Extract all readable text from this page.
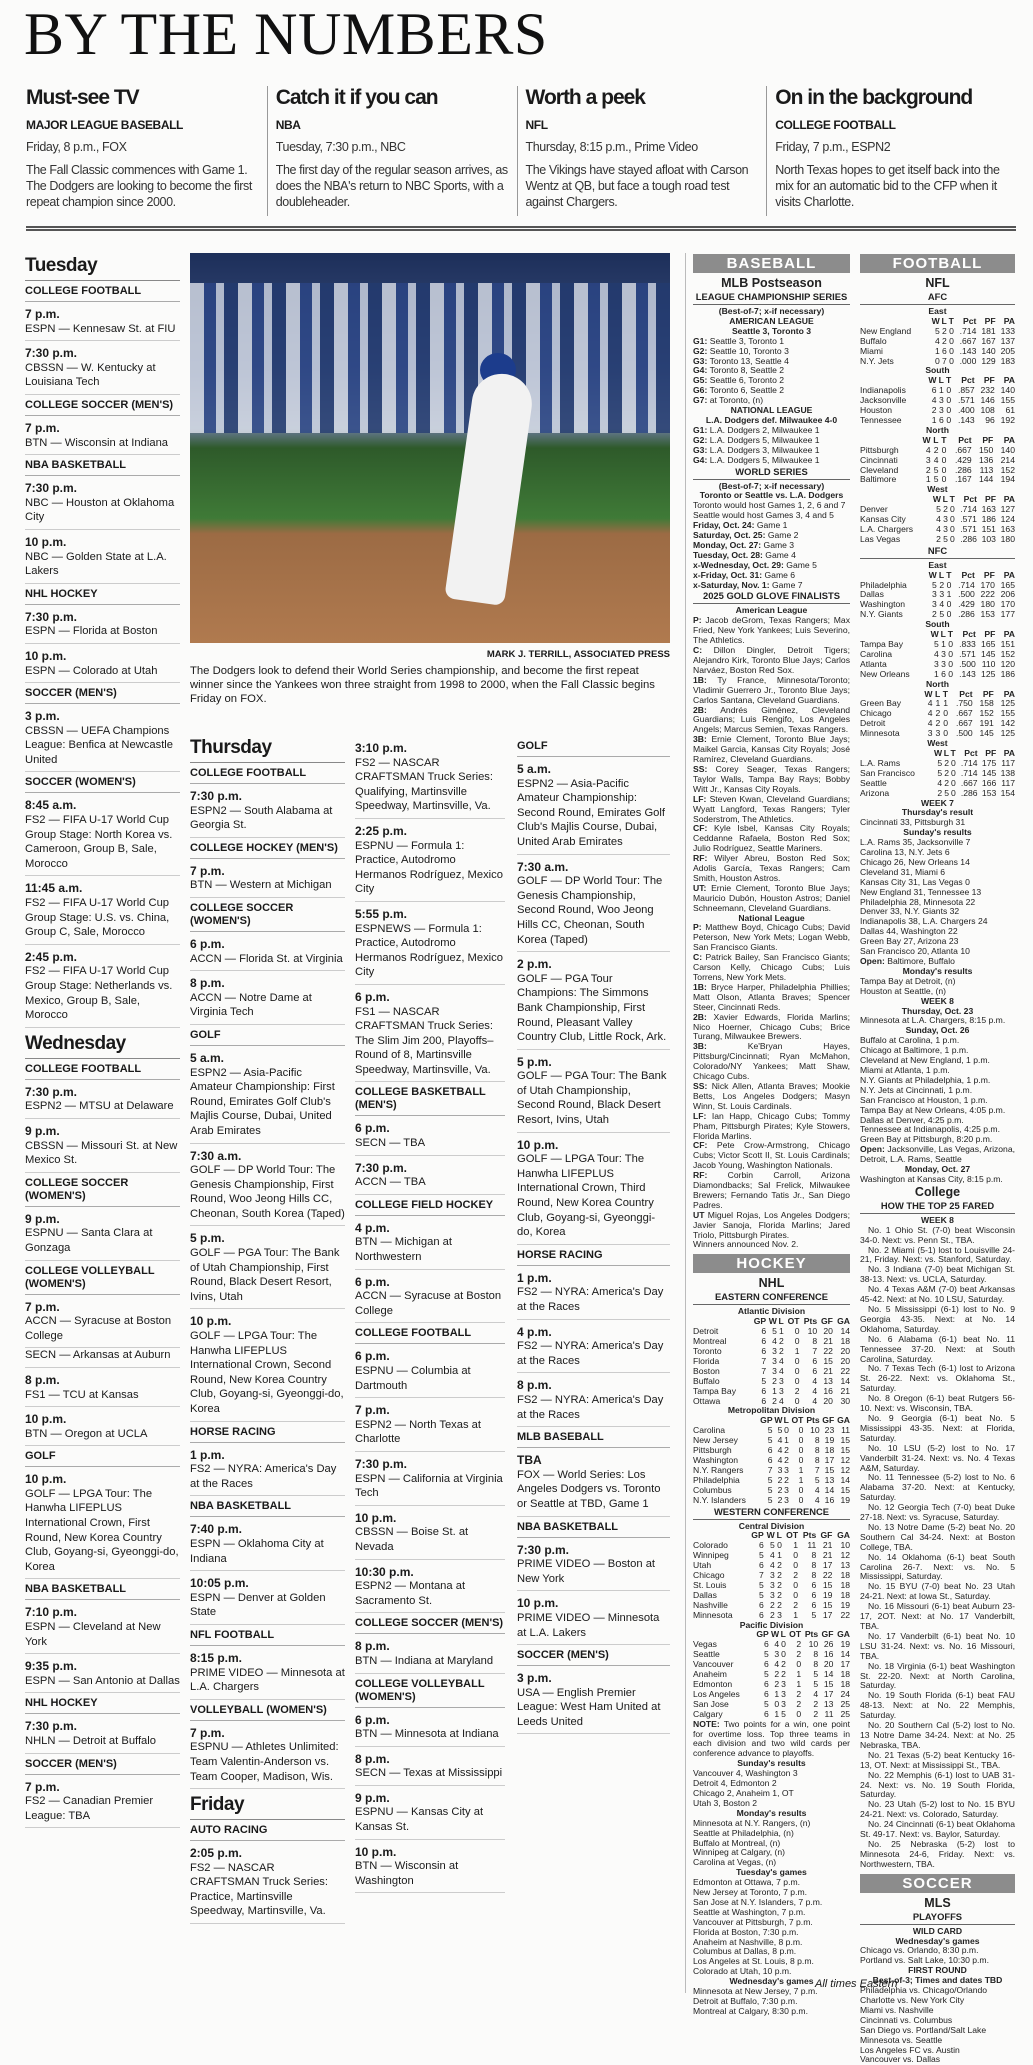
BY THE NUMBERS
Must-see TV
MAJOR LEAGUE BASEBALL
Friday, 8 p.m., FOX
The Fall Classic commences with Game 1. The Dodgers are looking to become the first repeat champion since 2000.
Catch it if you can
NBA
Tuesday, 7:30 p.m., NBC
The first day of the regular season arrives, as does the NBA's return to NBC Sports, with a doubleheader.
Worth a peek
NFL
Thursday, 8:15 p.m., Prime Video
The Vikings have stayed afloat with Carson Wentz at QB, but face a tough road test against Chargers.
On in the background
COLLEGE FOOTBALL
Friday, 7 p.m., ESPN2
North Texas hopes to get itself back into the mix for an automatic bid to the CFP when it visits Charlotte.
Tuesday
COLLEGE FOOTBALL
7 p.m.
ESPN — Kennesaw St. at FIU
7:30 p.m.
CBSSN — W. Kentucky at Louisiana Tech
COLLEGE SOCCER (MEN'S)
7 p.m.
BTN — Wisconsin at Indiana
NBA BASKETBALL
7:30 p.m.
NBC — Houston at Oklahoma City
10 p.m.
NBC — Golden State at L.A. Lakers
NHL HOCKEY
7:30 p.m.
ESPN — Florida at Boston
10 p.m.
ESPN — Colorado at Utah
SOCCER (MEN'S)
3 p.m.
CBSSN — UEFA Champions League: Benfica at Newcastle United
SOCCER (WOMEN'S)
8:45 a.m.
FS2 — FIFA U-17 World Cup Group Stage: North Korea vs. Cameroon, Group B, Sale, Morocco
11:45 a.m.
FS2 — FIFA U-17 World Cup Group Stage: U.S. vs. China, Group C, Sale, Morocco
2:45 p.m.
FS2 — FIFA U-17 World Cup Group Stage: Netherlands vs. Mexico, Group B, Sale, Morocco
Wednesday
COLLEGE FOOTBALL
7:30 p.m.
ESPN2 — MTSU at Delaware
9 p.m.
CBSSN — Missouri St. at New Mexico St.
COLLEGE SOCCER (WOMEN'S)
9 p.m.
ESPNU — Santa Clara at Gonzaga
COLLEGE VOLLEYBALL (WOMEN'S)
7 p.m.
ACCN — Syracuse at Boston College
SECN — Arkansas at Auburn
8 p.m.
FS1 — TCU at Kansas
10 p.m.
BTN — Oregon at UCLA
GOLF
10 p.m.
GOLF — LPGA Tour: The Hanwha LIFEPLUS International Crown, First Round, New Korea Country Club, Goyang-si, Gyeonggi-do, Korea
NBA BASKETBALL
7:10 p.m.
ESPN — Cleveland at New York
9:35 p.m.
ESPN — San Antonio at Dallas
NHL HOCKEY
7:30 p.m.
NHLN — Detroit at Buffalo
SOCCER (MEN'S)
7 p.m.
FS2 — Canadian Premier League: TBA
MARK J. TERRILL, ASSOCIATED PRESS
The Dodgers look to defend their World Series championship, and become the first repeat winner since the Yankees won three straight from 1998 to 2000, when the Fall Classic begins Friday on FOX.
Thursday
COLLEGE FOOTBALL
7:30 p.m.
ESPN2 — South Alabama at Georgia St.
COLLEGE HOCKEY (MEN'S)
7 p.m.
BTN — Western at Michigan
COLLEGE SOCCER (WOMEN'S)
6 p.m.
ACCN — Florida St. at Virginia
8 p.m.
ACCN — Notre Dame at Virginia Tech
GOLF
5 a.m.
ESPN2 — Asia-Pacific Amateur Championship: First Round, Emirates Golf Club's Majlis Course, Dubai, United Arab Emirates
7:30 a.m.
GOLF — DP World Tour: The Genesis Championship, First Round, Woo Jeong Hills CC, Cheonan, South Korea (Taped)
5 p.m.
GOLF — PGA Tour: The Bank of Utah Championship, First Round, Black Desert Resort, Ivins, Utah
10 p.m.
GOLF — LPGA Tour: The Hanwha LIFEPLUS International Crown, Second Round, New Korea Country Club, Goyang-si, Gyeonggi-do, Korea
HORSE RACING
1 p.m.
FS2 — NYRA: America's Day at the Races
NBA BASKETBALL
7:40 p.m.
ESPN — Oklahoma City at Indiana
10:05 p.m.
ESPN — Denver at Golden State
NFL FOOTBALL
8:15 p.m.
PRIME VIDEO — Minnesota at L.A. Chargers
VOLLEYBALL (WOMEN'S)
7 p.m.
ESPNU — Athletes Unlimited: Team Valentin-Anderson vs. Team Cooper, Madison, Wis.
Friday
AUTO RACING
2:05 p.m.
FS2 — NASCAR CRAFTSMAN Truck Series: Practice, Martinsville Speedway, Martinsville, Va.
3:10 p.m.
FS2 — NASCAR CRAFTSMAN Truck Series: Qualifying, Martinsville Speedway, Martinsville, Va.
2:25 p.m.
ESPNU — Formula 1: Practice, Autodromo Hermanos Rodríguez, Mexico City
5:55 p.m.
ESPNEWS — Formula 1: Practice, Autodromo Hermanos Rodríguez, Mexico City
6 p.m.
FS1 — NASCAR CRAFTSMAN Truck Series: The Slim Jim 200, Playoffs–Round of 8, Martinsville Speedway, Martinsville, Va.
COLLEGE BASKETBALL (MEN'S)
6 p.m.
SECN — TBA
7:30 p.m.
ACCN — TBA
COLLEGE FIELD HOCKEY
4 p.m.
BTN — Michigan at Northwestern
6 p.m.
ACCN — Syracuse at Boston College
COLLEGE FOOTBALL
6 p.m.
ESPNU — Columbia at Dartmouth
7 p.m.
ESPN2 — North Texas at Charlotte
7:30 p.m.
ESPN — California at Virginia Tech
10 p.m.
CBSSN — Boise St. at Nevada
10:30 p.m.
ESPN2 — Montana at Sacramento St.
COLLEGE SOCCER (MEN'S)
8 p.m.
BTN — Indiana at Maryland
COLLEGE VOLLEYBALL (WOMEN'S)
6 p.m.
BTN — Minnesota at Indiana
8 p.m.
SECN — Texas at Mississippi
9 p.m.
ESPNU — Kansas City at Kansas St.
10 p.m.
BTN — Wisconsin at Washington
GOLF
5 a.m.
ESPN2 — Asia-Pacific Amateur Championship: Second Round, Emirates Golf Club's Majlis Course, Dubai, United Arab Emirates
7:30 a.m.
GOLF — DP World Tour: The Genesis Championship, Second Round, Woo Jeong Hills CC, Cheonan, South Korea (Taped)
2 p.m.
GOLF — PGA Tour Champions: The Simmons Bank Championship, First Round, Pleasant Valley Country Club, Little Rock, Ark.
5 p.m.
GOLF — PGA Tour: The Bank of Utah Championship, Second Round, Black Desert Resort, Ivins, Utah
10 p.m.
GOLF — LPGA Tour: The Hanwha LIFEPLUS International Crown, Third Round, New Korea Country Club, Goyang-si, Gyeonggi-do, Korea
HORSE RACING
1 p.m.
FS2 — NYRA: America's Day at the Races
4 p.m.
FS2 — NYRA: America's Day at the Races
8 p.m.
FS2 — NYRA: America's Day at the Races
MLB BASEBALL
TBA
FOX — World Series: Los Angeles Dodgers vs. Toronto or Seattle at TBD, Game 1
NBA BASKETBALL
7:30 p.m.
PRIME VIDEO — Boston at New York
10 p.m.
PRIME VIDEO — Minnesota at L.A. Lakers
SOCCER (MEN'S)
3 p.m.
USA — English Premier League: West Ham United at Leeds United
BASEBALL
MLB Postseason
LEAGUE CHAMPIONSHIP SERIES
(Best-of-7; x-if necessary)
AMERICAN LEAGUE
Seattle 3, Toronto 3
G1: Seattle 3, Toronto 1
G2: Seattle 10, Toronto 3
G3: Toronto 13, Seattle 4
G4: Toronto 8, Seattle 2
G5: Seattle 6, Toronto 2
G6: Toronto 6, Seattle 2
G7: at Toronto, (n)
NATIONAL LEAGUE
L.A. Dodgers def. Milwaukee 4-0
G1: L.A. Dodgers 2, Milwaukee 1
G2: L.A. Dodgers 5, Milwaukee 1
G3: L.A. Dodgers 3, Milwaukee 1
G4: L.A. Dodgers 5, Milwaukee 1
WORLD SERIES
(Best-of-7; x-if necessary)
Toronto or Seattle vs. L.A. Dodgers
Toronto would host Games 1, 2, 6 and 7
Seattle would host Games 3, 4 and 5
Friday, Oct. 24: Game 1
Saturday, Oct. 25: Game 2
Monday, Oct. 27: Game 3
Tuesday, Oct. 28: Game 4
x-Wednesday, Oct. 29: Game 5
x-Friday, Oct. 31: Game 6
x-Saturday, Nov. 1: Game 7
2025 GOLD GLOVE FINALISTS
American League
P: Jacob deGrom, Texas Rangers; Max Fried, New York Yankees; Luis Severino, The Athletics.
C: Dillon Dingler, Detroit Tigers; Alejandro Kirk, Toronto Blue Jays; Carlos Narváez, Boston Red Sox.
1B: Ty France, Minnesota/Toronto; Vladimir Guerrero Jr., Toronto Blue Jays; Carlos Santana, Cleveland Guardians.
2B: Andrés Giménez, Cleveland Guardians; Luis Rengifo, Los Angeles Angels; Marcus Semien, Texas Rangers.
3B: Ernie Clement, Toronto Blue Jays; Maikel Garcia, Kansas City Royals; José Ramírez, Cleveland Guardians.
SS: Corey Seager, Texas Rangers; Taylor Walls, Tampa Bay Rays; Bobby Witt Jr., Kansas City Royals.
LF: Steven Kwan, Cleveland Guardians; Wyatt Langford, Texas Rangers; Tyler Soderstrom, The Athletics.
CF: Kyle Isbel, Kansas City Royals; Ceddanne Rafaela, Boston Red Sox; Julio Rodríguez, Seattle Mariners.
RF: Wilyer Abreu, Boston Red Sox; Adolis García, Texas Rangers; Cam Smith, Houston Astros.
UT: Ernie Clement, Toronto Blue Jays; Mauricio Dubón, Houston Astros; Daniel Schneemann, Cleveland Guardians.
National League
P: Matthew Boyd, Chicago Cubs; David Peterson, New York Mets; Logan Webb, San Francisco Giants.
C: Patrick Bailey, San Francisco Giants; Carson Kelly, Chicago Cubs; Luis Torrens, New York Mets.
1B: Bryce Harper, Philadelphia Phillies; Matt Olson, Atlanta Braves; Spencer Steer, Cincinnati Reds.
2B: Xavier Edwards, Florida Marlins; Nico Hoerner, Chicago Cubs; Brice Turang, Milwaukee Brewers.
3B:	Ke'Bryan Hayes, Pittsburg/Cincinnati; Ryan McMahon, Colorado/NY Yankees; Matt Shaw, Chicago Cubs.
SS: Nick Allen, Atlanta Braves; Mookie Betts, Los Angeles Dodgers; Masyn Winn, St. Louis Cardinals.
LF: Ian Happ, Chicago Cubs; Tommy Pham, Pittsburgh Pirates; Kyle Stowers, Florida Marlins.
CF: Pete Crow-Armstrong, Chicago Cubs; Victor Scott II, St. Louis Cardinals; Jacob Young, Washington Nationals.
RF: Corbin Carroll, Arizona Diamondbacks; Sal Frelick, Milwaukee Brewers; Fernando Tatis Jr., San Diego Padres.
UT Miguel Rojas, Los Angeles Dodgers; Javier Sanoja, Florida Marlins; Jared Triolo, Pittsburgh Pirates.
Winners announced Nov. 2.
HOCKEY
NHL
EASTERN CONFERENCE
Atlantic Division
	GP	W	L	OT	Pts	GF	GA
Detroit	6	5	1	0	10	20	14
Montreal	6	4	2	0	8	21	18
Toronto	6	3	2	1	7	22	20
Florida	7	3	4	0	6	15	20
Boston	7	3	4	0	6	21	22
Buffalo	5	2	3	0	4	13	14
Tampa Bay	6	1	3	2	4	16	21
Ottawa	6	2	4	0	4	20	30
Metropolitan Division
	GP	W	L	OT	Pts	GF	GA
Carolina	5	5	0	0	10	23	11
New Jersey	5	4	1	0	8	19	15
Pittsburgh	6	4	2	0	8	18	15
Washington	6	4	2	0	8	17	12
N.Y. Rangers	7	3	3	1	7	15	12
Philadelphia	5	2	2	1	5	13	14
Columbus	5	2	3	0	4	14	15
N.Y. Islanders	5	2	3	0	4	16	19
WESTERN CONFERENCE
Central Division
	GP	W	L	OT	Pts	GF	GA
Colorado	6	5	0	1	11	21	10
Winnipeg	5	4	1	0	8	21	12
Utah	6	4	2	0	8	17	13
Chicago	7	3	2	2	8	22	18
St. Louis	5	3	2	0	6	15	18
Dallas	5	3	2	0	6	19	18
Nashville	6	2	2	2	6	15	19
Minnesota	6	2	3	1	5	17	22
Pacific Division
	GP	W	L	OT	Pts	GF	GA
Vegas	6	4	0	2	10	26	19
Seattle	5	3	0	2	8	16	14
Vancouver	6	4	2	0	8	20	17
Anaheim	5	2	2	1	5	14	18
Edmonton	6	2	3	1	5	15	18
Los Angeles	6	1	3	2	4	17	24
San Jose	5	0	3	2	2	13	25
Calgary	6	1	5	0	2	11	25
NOTE: Two points for a win, one point for overtime loss. Top three teams in each division and two wild cards per conference advance to playoffs.
Sunday's results
Vancouver 4, Washington 3
Detroit 4, Edmonton 2
Chicago 2, Anaheim 1, OT
Utah 3, Boston 2
Monday's results
Minnesota at N.Y. Rangers, (n)
Seattle at Philadelphia, (n)
Buffalo at Montreal, (n)
Winnipeg at Calgary, (n)
Carolina at Vegas, (n)
Tuesday's games
Edmonton at Ottawa, 7 p.m.
New Jersey at Toronto, 7 p.m.
San Jose at N.Y. Islanders, 7 p.m.
Seattle at Washington, 7 p.m.
Vancouver at Pittsburgh, 7 p.m.
Florida at Boston, 7:30 p.m.
Anaheim at Nashville, 8 p.m.
Columbus at Dallas, 8 p.m.
Los Angeles at St. Louis, 8 p.m.
Colorado at Utah, 10 p.m.
Wednesday's games
Minnesota at New Jersey, 7 p.m.
Detroit at Buffalo, 7:30 p.m.
Montreal at Calgary, 8:30 p.m.
FOOTBALL
NFL
AFC
East
	W	L	T	Pct	PF	PA
New England	5	2	0	.714	181	133
Buffalo	4	2	0	.667	167	137
Miami	1	6	0	.143	140	205
N.Y. Jets	0	7	0	.000	129	183
South
	W	L	T	Pct	PF	PA
Indianapolis	6	1	0	.857	232	140
Jacksonville	4	3	0	.571	146	155
Houston	2	3	0	.400	108	61
Tennessee	1	6	0	.143	96	192
North
	W	L	T	Pct	PF	PA
Pittsburgh	4	2	0	.667	150	140
Cincinnati	3	4	0	.429	136	214
Cleveland	2	5	0	.286	113	152
Baltimore	1	5	0	.167	144	194
West
	W	L	T	Pct	PF	PA
Denver	5	2	0	.714	163	127
Kansas City	4	3	0	.571	186	124
L.A. Chargers	4	3	0	.571	151	163
Las Vegas	2	5	0	.286	103	180
NFC
East
	W	L	T	Pct	PF	PA
Philadelphia	5	2	0	.714	170	165
Dallas	3	3	1	.500	222	206
Washington	3	4	0	.429	180	170
N.Y. Giants	2	5	0	.286	153	177
South
	W	L	T	Pct	PF	PA
Tampa Bay	5	1	0	.833	165	151
Carolina	4	3	0	.571	145	152
Atlanta	3	3	0	.500	110	120
New Orleans	1	6	0	.143	125	186
North
	W	L	T	Pct	PF	PA
Green Bay	4	1	1	.750	158	125
Chicago	4	2	0	.667	152	155
Detroit	4	2	0	.667	191	142
Minnesota	3	3	0	.500	145	125
West
	W	L	T	Pct	PF	PA
L.A. Rams	5	2	0	.714	175	117
San Francisco	5	2	0	.714	145	138
Seattle	4	2	0	.667	166	117
Arizona	2	5	0	.286	153	154
WEEK 7
Thursday's result
Cincinnati 33, Pittsburgh 31
Sunday's results
L.A. Rams 35, Jacksonville 7
Carolina 13, N.Y. Jets 6
Chicago 26, New Orleans 14
Cleveland 31, Miami 6
Kansas City 31, Las Vegas 0
New England 31, Tennessee 13
Philadelphia 28, Minnesota 22
Denver 33, N.Y. Giants 32
Indianapolis 38, L.A. Chargers 24
Dallas 44, Washington 22
Green Bay 27, Arizona 23
San Francisco 20, Atlanta 10
Open: Baltimore, Buffalo
Monday's results
Tampa Bay at Detroit, (n)
Houston at Seattle, (n)
WEEK 8
Thursday, Oct. 23
Minnesota at L.A. Chargers, 8:15 p.m.
Sunday, Oct. 26
Buffalo at Carolina, 1 p.m.
Chicago at Baltimore, 1 p.m.
Cleveland at New England, 1 p.m.
Miami at Atlanta, 1 p.m.
N.Y. Giants at Philadelphia, 1 p.m.
N.Y. Jets at Cincinnati, 1 p.m.
San Francisco at Houston, 1 p.m.
Tampa Bay at New Orleans, 4:05 p.m.
Dallas at Denver, 4:25 p.m.
Tennessee at Indianapolis, 4:25 p.m.
Green Bay at Pittsburgh, 8:20 p.m.
Open: Jacksonville, Las Vegas, Arizona, Detroit, L.A. Rams, Seattle
Monday, Oct. 27
Washington at Kansas City, 8:15 p.m.
College
HOW THE TOP 25 FARED
WEEK 8
No. 1 Ohio St. (7-0) beat Wisconsin 34-0. Next: vs. Penn St., TBA.
No. 2 Miami (5-1) lost to Louisville 24-21, Friday. Next: vs. Stanford, Saturday.
No. 3 Indiana (7-0) beat Michigan St. 38-13. Next: vs. UCLA, Saturday.
No. 4 Texas A&M (7-0) beat Arkansas 45-42. Next: at No. 10 LSU, Saturday.
No. 5 Mississippi (6-1) lost to No. 9 Georgia 43-35. Next: at No. 14 Oklahoma, Saturday.
No. 6 Alabama (6-1) beat No. 11 Tennessee 37-20. Next: at South Carolina, Saturday.
No. 7 Texas Tech (6-1) lost to Arizona St. 26-22. Next: vs. Oklahoma St., Saturday.
No. 8 Oregon (6-1) beat Rutgers 56-10. Next: vs. Wisconsin, TBA.
No. 9 Georgia (6-1) beat No. 5 Mississippi 43-35. Next: at Florida, Saturday.
No. 10 LSU (5-2) lost to No. 17 Vanderbilt 31-24. Next: vs. No. 4 Texas A&M, Saturday.
No. 11 Tennessee (5-2) lost to No. 6 Alabama 37-20. Next: at Kentucky, Saturday.
No. 12 Georgia Tech (7-0) beat Duke 27-18. Next: vs. Syracuse, Saturday.
No. 13 Notre Dame (5-2) beat No. 20 Southern Cal 34-24. Next: at Boston College, TBA.
No. 14 Oklahoma (6-1) beat South Carolina 26-7. Next: vs. No. 5 Mississippi, Saturday.
No. 15 BYU (7-0) beat No. 23 Utah 24-21. Next: at Iowa St., Saturday.
No. 16 Missouri (6-1) beat Auburn 23-17, 2OT. Next: at No. 17 Vanderbilt, TBA.
No. 17 Vanderbilt (6-1) beat No. 10 LSU 31-24. Next: vs. No. 16 Missouri, TBA.
No. 18 Virginia (6-1) beat Washington St. 22-20. Next: at North Carolina, Saturday.
No. 19 South Florida (6-1) beat FAU 48-13. Next: at No. 22 Memphis, Saturday.
No. 20 Southern Cal (5-2) lost to No. 13 Notre Dame 34-24. Next: at No. 25 Nebraska, TBA.
No. 21 Texas (5-2) beat Kentucky 16-13, OT. Next: at Mississippi St., TBA.
No. 22 Memphis (6-1) lost to UAB 31-24. Next: vs. No. 19 South Florida, Saturday.
No. 23 Utah (5-2) lost to No. 15 BYU 24-21. Next: vs. Colorado, Saturday.
No. 24 Cincinnati (6-1) beat Oklahoma St. 49-17. Next: vs. Baylor, Saturday.
No. 25 Nebraska (5-2) lost to Minnesota 24-6, Friday. Next: vs. Northwestern, TBA.
SOCCER
MLS
PLAYOFFS
WILD CARD
Wednesday's games
Chicago vs. Orlando, 8:30 p.m.
Portland vs. Salt Lake, 10:30 p.m.
FIRST ROUND
Best-of-3; Times and dates TBD
Philadelphia vs. Chicago/Orlando
Charlotte vs. New York City
Miami vs. Nashville
Cincinnati vs. Columbus
San Diego vs. Portland/Salt Lake
Minnesota vs. Seattle
Los Angeles FC vs. Austin
Vancouver vs. Dallas
All times Eastern
